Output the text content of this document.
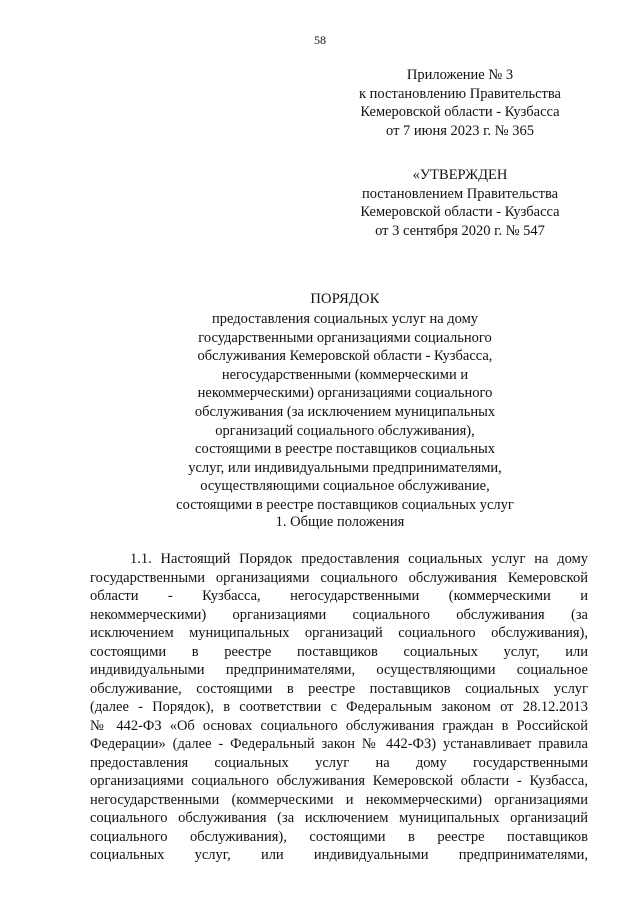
58
Приложение № 3
к постановлению Правительства
Кемеровской области - Кузбасса
от 7 июня 2023 г. № 365
«УТВЕРЖДЕН
постановлением Правительства
Кемеровской области - Кузбасса
от 3 сентября 2020 г. № 547
ПОРЯДОК
предоставления социальных услуг на дому
государственными организациями социального
обслуживания Кемеровской области - Кузбасса,
негосударственными (коммерческими и
некоммерческими) организациями социального
обслуживания (за исключением муниципальных
организаций социального обслуживания),
состоящими в реестре поставщиков социальных
услуг, или индивидуальными предпринимателями,
осуществляющими социальное обслуживание,
состоящими в реестре поставщиков социальных услуг
1. Общие положения
1.1. Настоящий Порядок предоставления социальных услуг на дому
государственными организациями социального обслуживания Кемеровской
области - Кузбасса, негосударственными (коммерческими и
некоммерческими) организациями социального обслуживания (за
исключением муниципальных организаций социального обслуживания),
состоящими в реестре поставщиков социальных услуг, или
индивидуальными предпринимателями, осуществляющими социальное
обслуживание, состоящими в реестре поставщиков социальных услуг
(далее - Порядок), в соответствии с Федеральным законом от 28.12.2013
№ 442-ФЗ «Об основах социального обслуживания граждан в Российской
Федерации» (далее - Федеральный закон № 442-ФЗ) устанавливает правила
предоставления социальных услуг на дому государственными
организациями социального обслуживания Кемеровской области - Кузбасса,
негосударственными (коммерческими и некоммерческими) организациями
социального обслуживания (за исключением муниципальных организаций
социального обслуживания), состоящими в реестре поставщиков
социальных услуг, или индивидуальными предпринимателями,
